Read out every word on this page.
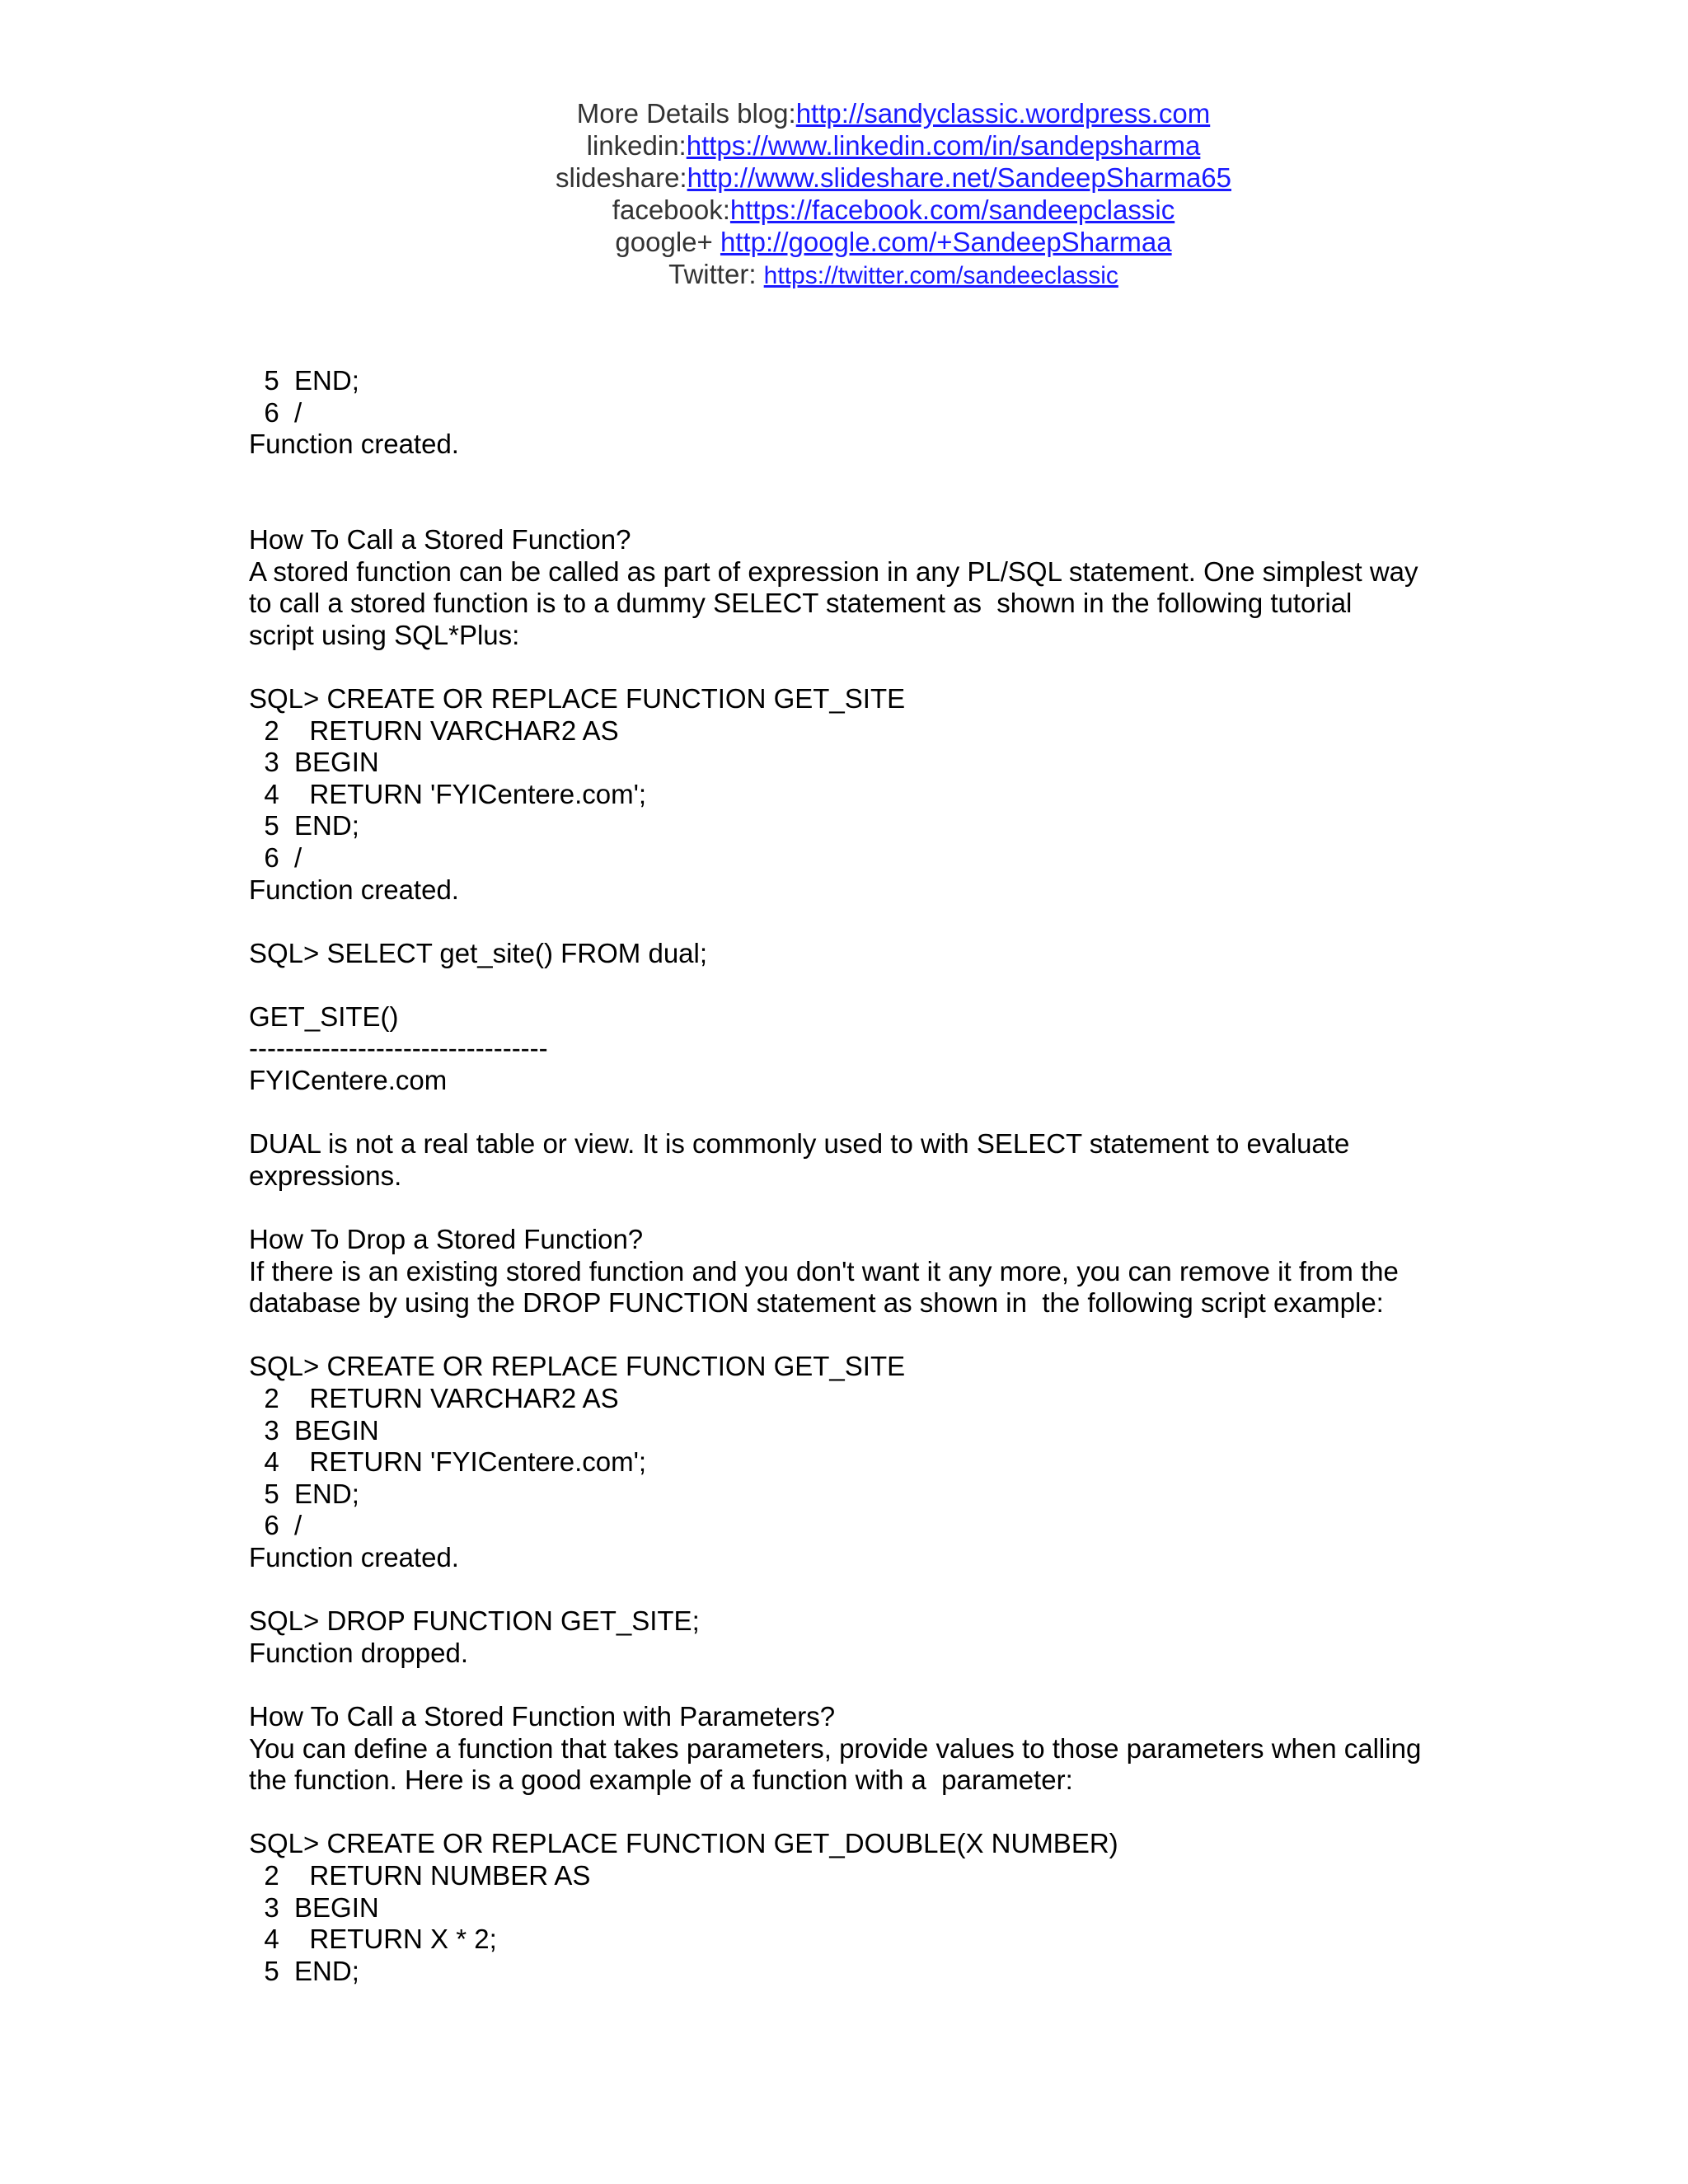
More Details blog:http://sandyclassic.wordpress.com
linkedin:https://www.linkedin.com/in/sandepsharma
slideshare:http://www.slideshare.net/SandeepSharma65
facebook:https://facebook.com/sandeepclassic
google+ http://google.com/+SandeepSharmaa
Twitter: https://twitter.com/sandeeclassic
5  END;
6  /
Function created.
How To Call a Stored Function?
A stored function can be called as part of expression in any PL/SQL statement. One simplest way
to call a stored function is to a dummy SELECT statement as  shown in the following tutorial
script using SQL*Plus:
SQL> CREATE OR REPLACE FUNCTION GET_SITE
2    RETURN VARCHAR2 AS
3  BEGIN
4    RETURN 'FYICentere.com';
5  END;
6  /
Function created.
SQL> SELECT get_site() FROM dual;
GET_SITE()
---------------------------------
FYICentere.com
DUAL is not a real table or view. It is commonly used to with SELECT statement to evaluate
expressions.
How To Drop a Stored Function?
If there is an existing stored function and you don't want it any more, you can remove it from the
database by using the DROP FUNCTION statement as shown in  the following script example:
SQL> CREATE OR REPLACE FUNCTION GET_SITE
2    RETURN VARCHAR2 AS
3  BEGIN
4    RETURN 'FYICentere.com';
5  END;
6  /
Function created.
SQL> DROP FUNCTION GET_SITE;
Function dropped.
How To Call a Stored Function with Parameters?
You can define a function that takes parameters, provide values to those parameters when calling
the function. Here is a good example of a function with a  parameter:
SQL> CREATE OR REPLACE FUNCTION GET_DOUBLE(X NUMBER)
2    RETURN NUMBER AS
3  BEGIN
4    RETURN X * 2;
5  END;
